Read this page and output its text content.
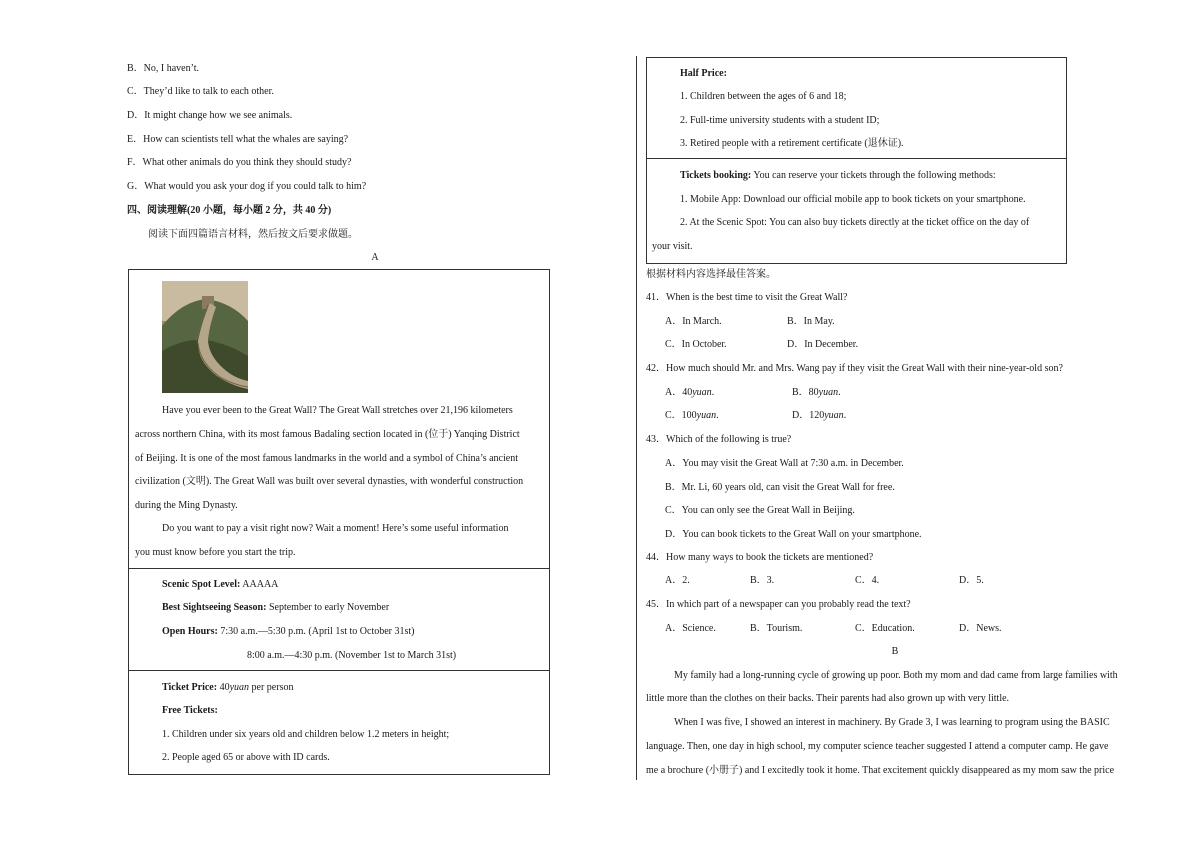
B．No, I haven’t.
C．They’d like to talk to each other.
D．It might change how we see animals.
E．How can scientists tell what the whales are saying?
F．What other animals do you think they should study?
G．What would you ask your dog if you could talk to him?
四、阅读理解(20 小题，每小题 2 分，共 40 分)
阅读下面四篇语言材料，然后按文后要求做题。
A
Have you ever been to the Great Wall? The Great Wall stretches over 21,196 kilometers
across northern China, with its most famous Badaling section located in (位于) Yanqing District
of Beijing. It is one of the most famous landmarks in the world and a symbol of China’s ancient
civilization (文明). The Great Wall was built over several dynasties, with wonderful construction
during the Ming Dynasty.
Do you want to pay a visit right now? Wait a moment! Here’s some useful information
you must know before you start the trip.
Scenic Spot Level: AAAAA
Best Sightseeing Season: September to early November
Open Hours: 7:30 a.m.—5:30 p.m. (April 1st to October 31st)
8:00 a.m.—4:30 p.m. (November 1st to March 31st)
Ticket Price: 40yuan per person
Free Tickets:
1. Children under six years old and children below 1.2 meters in height;
2. People aged 65 or above with ID cards.
Half Price:
1. Children between the ages of 6 and 18;
2. Full-time university students with a student ID;
3. Retired people with a retirement certificate (退休证).
Tickets booking: You can reserve your tickets through the following methods:
1. Mobile App: Download our official mobile app to book tickets on your smartphone.
2. At the Scenic Spot: You can also buy tickets directly at the ticket office on the day of
your visit.
根据材料内容选择最佳答案。
41．When is the best time to visit the Great Wall?
A．In March.	B．In May.
C．In October.	D．In December.
42．How much should Mr. and Mrs. Wang pay if they visit the Great Wall with their nine-year-old son?
A．40yuan.	B．80yuan.
C．100yuan.	D．120yuan.
43．Which of the following is true?
A．You may visit the Great Wall at 7:30 a.m. in December.
B．Mr. Li, 60 years old, can visit the Great Wall for free.
C．You can only see the Great Wall in Beijing.
D．You can book tickets to the Great Wall on your smartphone.
44．How many ways to book the tickets are mentioned?
A．2.	B．3.	C．4.	D．5.
45．In which part of a newspaper can you probably read the text?
A．Science.	B．Tourism.	C．Education.	D．News.
B
My family had a long-running cycle of growing up poor. Both my mom and dad came from large families with
little more than the clothes on their backs. Their parents had also grown up with very little.
When I was five, I showed an interest in machinery. By Grade 3, I was learning to program using the BASIC
language. Then, one day in high school, my computer science teacher suggested I attend a computer camp. He gave
me a brochure (小册子) and I excitedly took it home. That excitement quickly disappeared as my mom saw the price
